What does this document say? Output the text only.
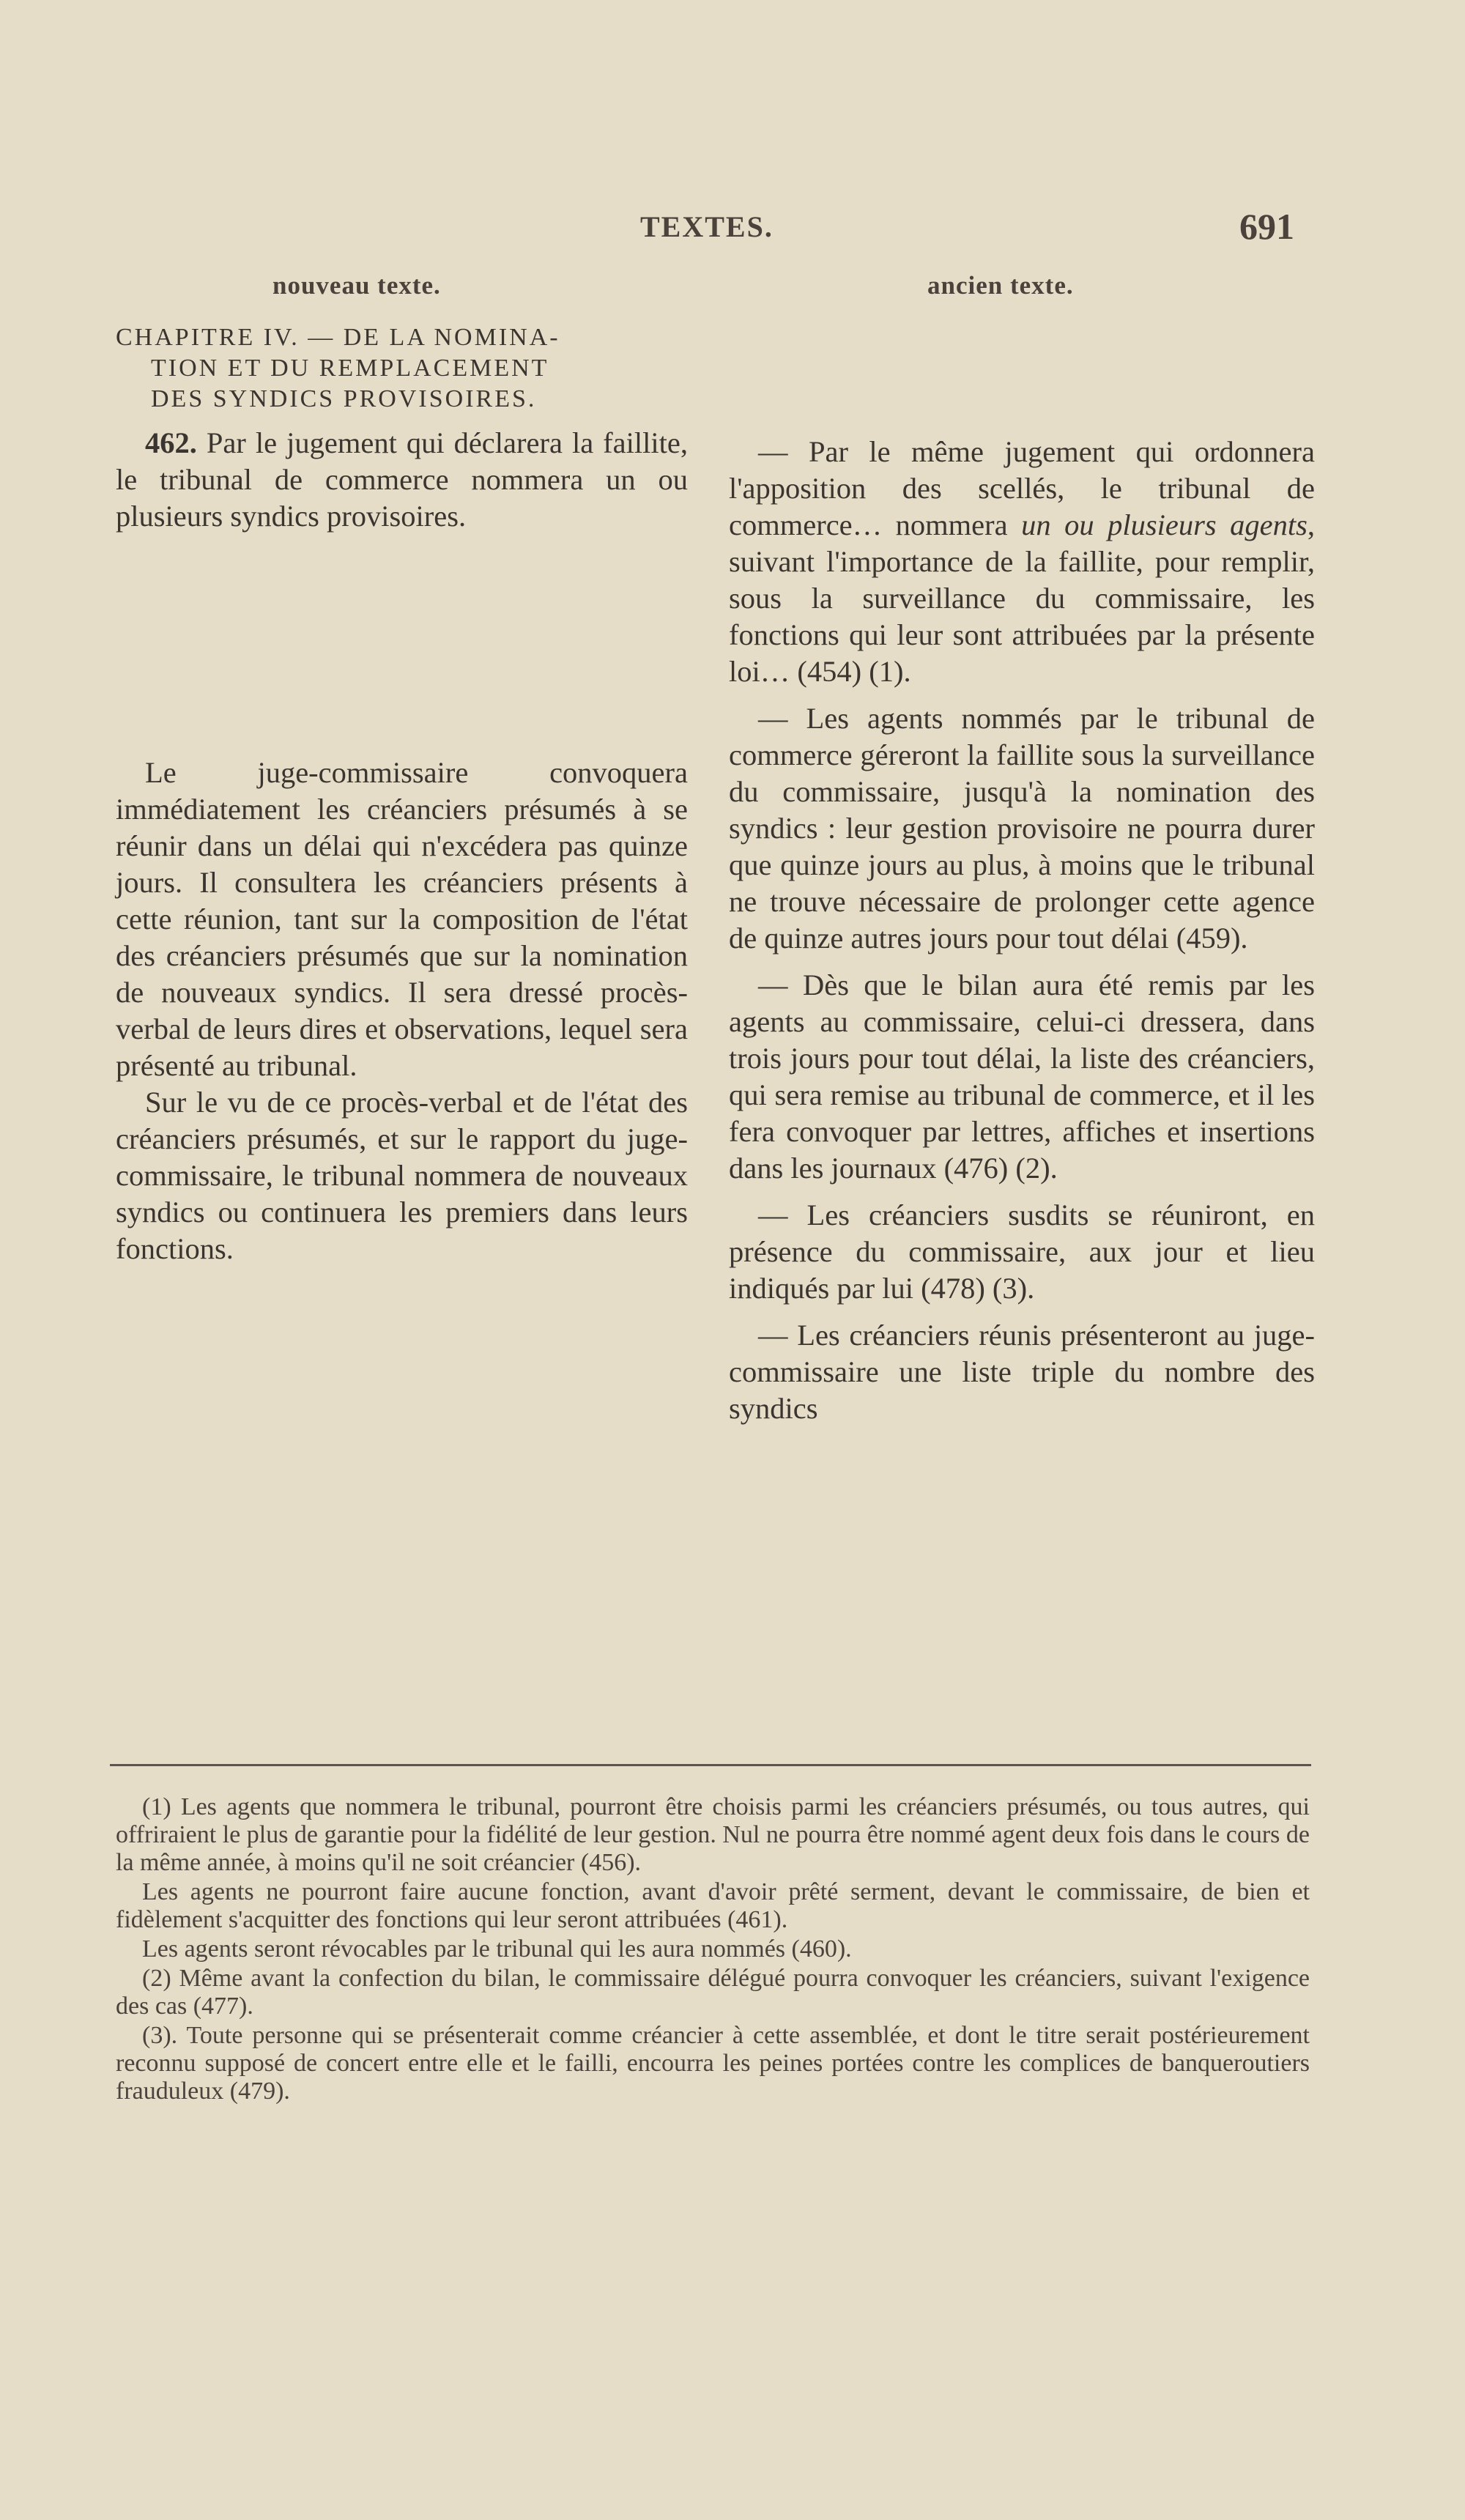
TEXTES.	691
nouveau texte.	ancien texte.
CHAPITRE IV. — DE LA NOMINA-
TION ET DU REMPLACEMENT
DES SYNDICS PROVISOIRES.

462. Par le jugement qui déclarera la faillite, le tribunal de commerce nommera un ou plusieurs syndics provisoires.

Le juge-commissaire convoquera immédiatement les créanciers présumés à se réunir dans un délai qui n'excédera pas quinze jours. Il consultera les créanciers présents à cette réunion, tant sur la composition de l'état des créanciers présumés que sur la nomination de nouveaux syndics. Il sera dressé procès-verbal de leurs dires et observations, lequel sera présenté au tribunal.

Sur le vu de ce procès-verbal et de l'état des créanciers présumés, et sur le rapport du juge-commissaire, le tribunal nommera de nouveaux syndics ou continuera les premiers dans leurs fonctions.

— Par le même jugement qui ordonnera l'apposition des scellés, le tribunal de commerce… nommera un ou plusieurs agents, suivant l'importance de la faillite, pour remplir, sous la surveillance du commissaire, les fonctions qui leur sont attribuées par la présente loi… (454) (1).

— Les agents nommés par le tribunal de commerce géreront la faillite sous la surveillance du commissaire, jusqu'à la nomination des syndics : leur gestion provisoire ne pourra durer que quinze jours au plus, à moins que le tribunal ne trouve nécessaire de prolonger cette agence de quinze autres jours pour tout délai (459).

— Dès que le bilan aura été remis par les agents au commissaire, celui-ci dressera, dans trois jours pour tout délai, la liste des créanciers, qui sera remise au tribunal de commerce, et il les fera convoquer par lettres, affiches et insertions dans les journaux (476) (2).

— Les créanciers susdits se réuniront, en présence du commissaire, aux jour et lieu indiqués par lui (478) (3).

— Les créanciers réunis présenteront au juge-commissaire une liste triple du nombre des syndics

(1) Les agents que nommera le tribunal, pourront être choisis parmi les créanciers présumés, ou tous autres, qui offriraient le plus de garantie pour la fidélité de leur gestion. Nul ne pourra être nommé agent deux fois dans le cours de la même année, à moins qu'il ne soit créancier (456).

Les agents ne pourront faire aucune fonction, avant d'avoir prêté serment, devant le commissaire, de bien et fidèlement s'acquitter des fonctions qui leur seront attribuées (461).

Les agents seront révocables par le tribunal qui les aura nommés (460).

(2) Même avant la confection du bilan, le commissaire délégué pourra convoquer les créanciers, suivant l'exigence des cas (477).

(3). Toute personne qui se présenterait comme créancier à cette assemblée, et dont le titre serait postérieurement reconnu supposé de concert entre elle et le failli, encourra les peines portées contre les complices de banqueroutiers frauduleux (479).
